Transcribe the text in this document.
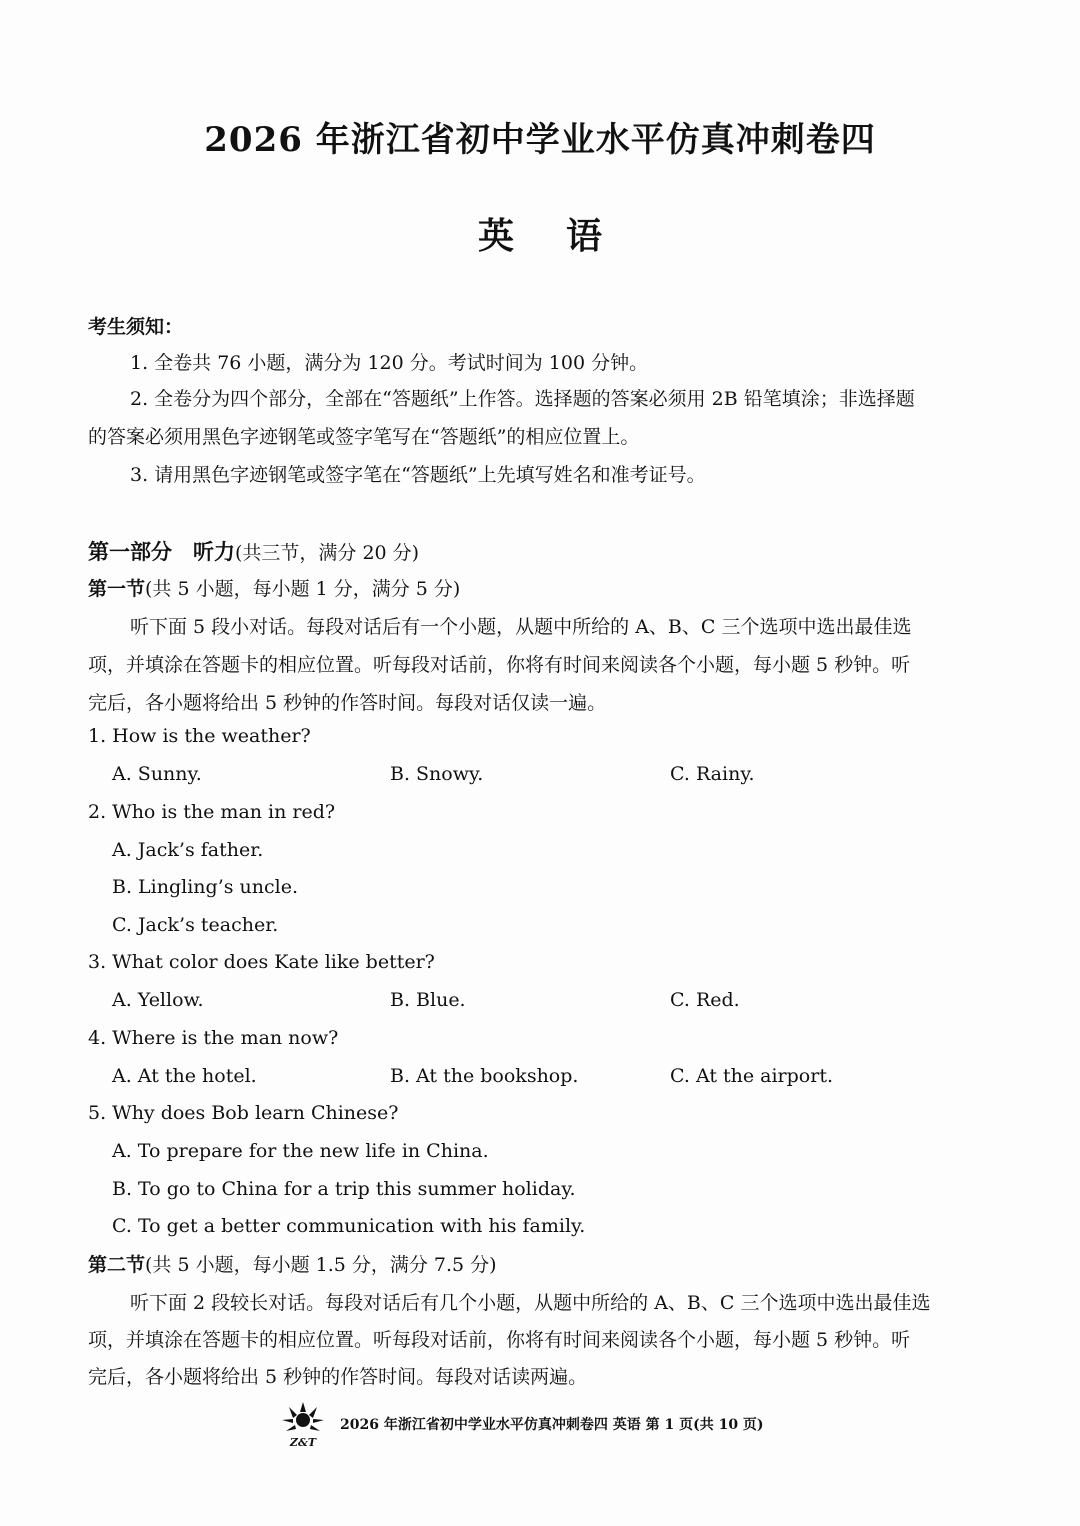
2026 年浙江省初中学业水平仿真冲刺卷四
英语
考生须知：
1. 全卷共 76 小题，满分为 120 分。考试时间为 100 分钟。
2. 全卷分为四个部分，全部在“答题纸”上作答。选择题的答案必须用 2B 铅笔填涂；非选择题
的答案必须用黑色字迹钢笔或签字笔写在“答题纸”的相应位置上。
3. 请用黑色字迹钢笔或签字笔在“答题纸”上先填写姓名和准考证号。
第一部分　听力(共三节，满分 20 分)
第一节(共 5 小题，每小题 1 分，满分 5 分)
听下面 5 段小对话。每段对话后有一个小题，从题中所给的 A、B、C 三个选项中选出最佳选
项，并填涂在答题卡的相应位置。听每段对话前，你将有时间来阅读各个小题，每小题 5 秒钟。听
完后，各小题将给出 5 秒钟的作答时间。每段对话仅读一遍。
1. How is the weather?
A. Sunny.	B. Snowy.	C. Rainy.
2. Who is the man in red?
A. Jack’s father.
B. Lingling’s uncle.
C. Jack’s teacher.
3. What color does Kate like better?
A. Yellow.	B. Blue.	C. Red.
4. Where is the man now?
A. At the hotel.	B. At the bookshop.	C. At the airport.
5. Why does Bob learn Chinese?
A. To prepare for the new life in China.
B. To go to China for a trip this summer holiday.
C. To get a better communication with his family.
第二节(共 5 小题，每小题 1.5 分，满分 7.5 分)
听下面 2 段较长对话。每段对话后有几个小题，从题中所给的 A、B、C 三个选项中选出最佳选
项，并填涂在答题卡的相应位置。听每段对话前，你将有时间来阅读各个小题，每小题 5 秒钟。听
完后，各小题将给出 5 秒钟的作答时间。每段对话读两遍。
Z&T
2026 年浙江省初中学业水平仿真冲刺卷四 英语 第 1 页(共 10 页)
